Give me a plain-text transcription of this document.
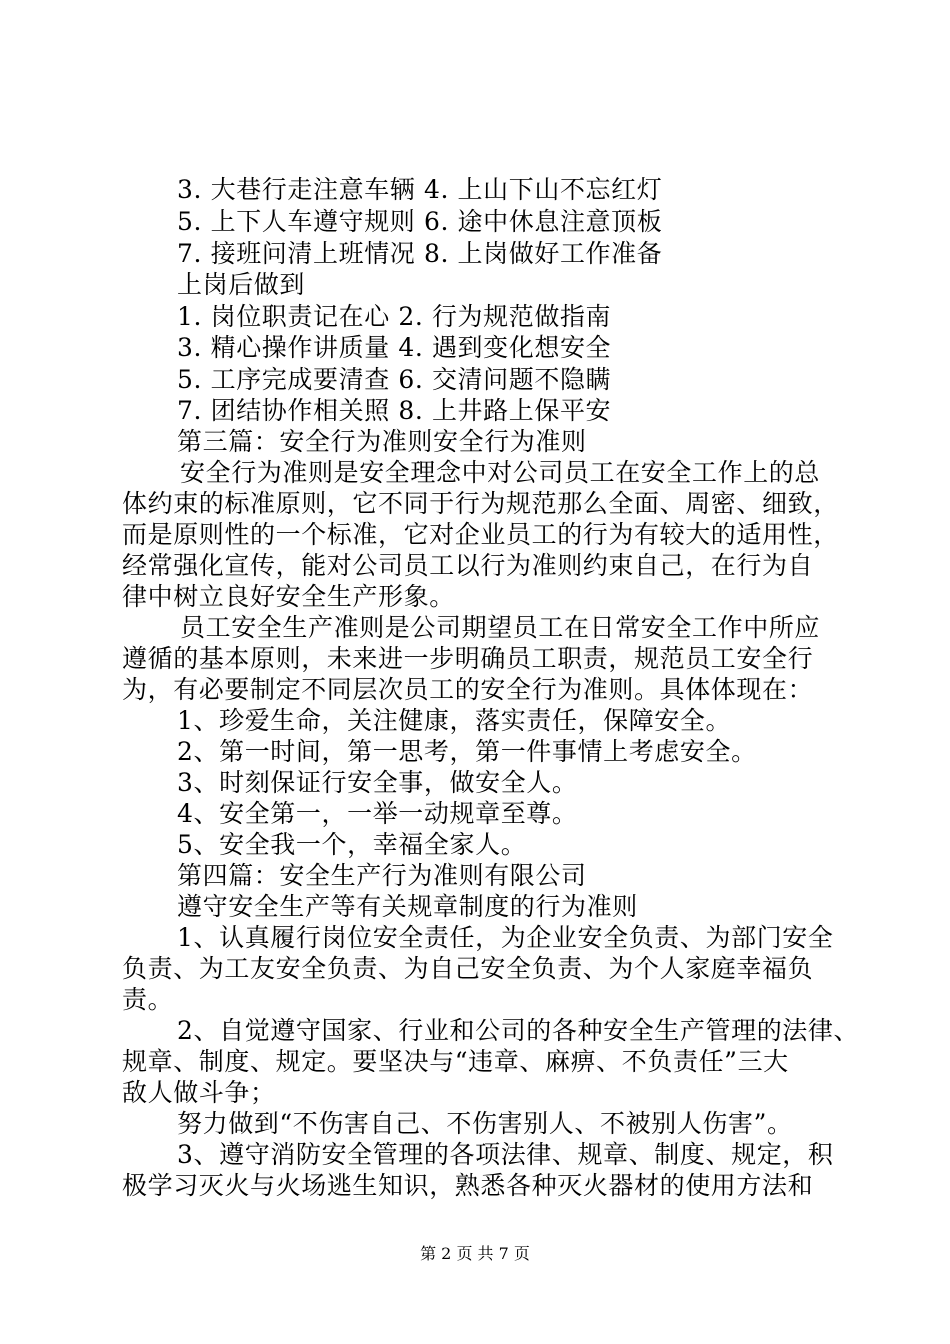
3. 大巷行走注意车辆 4. 上山下山不忘红灯
5. 上下人车遵守规则 6. 途中休息注意顶板
7. 接班问清上班情况 8. 上岗做好工作准备
上岗后做到
1. 岗位职责记在心 2. 行为规范做指南
3. 精心操作讲质量 4. 遇到变化想安全
5. 工序完成要清查 6. 交清问题不隐瞒
7. 团结协作相关照 8. 上井路上保平安
第三篇：安全行为准则安全行为准则
安全行为准则是安全理念中对公司员工在安全工作上的总
体约束的标准原则，它不同于行为规范那么全面、周密、细致，
而是原则性的一个标准，它对企业员工的行为有较大的适用性，
经常强化宣传，能对公司员工以行为准则约束自己，在行为自
律中树立良好安全生产形象。
员工安全生产准则是公司期望员工在日常安全工作中所应
遵循的基本原则，未来进一步明确员工职责，规范员工安全行
为，有必要制定不同层次员工的安全行为准则。具体体现在：
1、珍爱生命，关注健康，落实责任，保障安全。
2、第一时间，第一思考，第一件事情上考虑安全。
3、时刻保证行安全事，做安全人。
4、安全第一，一举一动规章至尊。
5、安全我一个，幸福全家人。
第四篇：安全生产行为准则有限公司
遵守安全生产等有关规章制度的行为准则
1、认真履行岗位安全责任，为企业安全负责、为部门安全
负责、为工友安全负责、为自己安全负责、为个人家庭幸福负
责。
2、自觉遵守国家、行业和公司的各种安全生产管理的法律、
规章、制度、规定。要坚决与“违章、麻痹、不负责任”三大
敌人做斗争；
努力做到“不伤害自己、不伤害别人、不被别人伤害”。
3、遵守消防安全管理的各项法律、规章、制度、规定，积
极学习灭火与火场逃生知识，熟悉各种灭火器材的使用方法和
第 2 页 共 7 页
